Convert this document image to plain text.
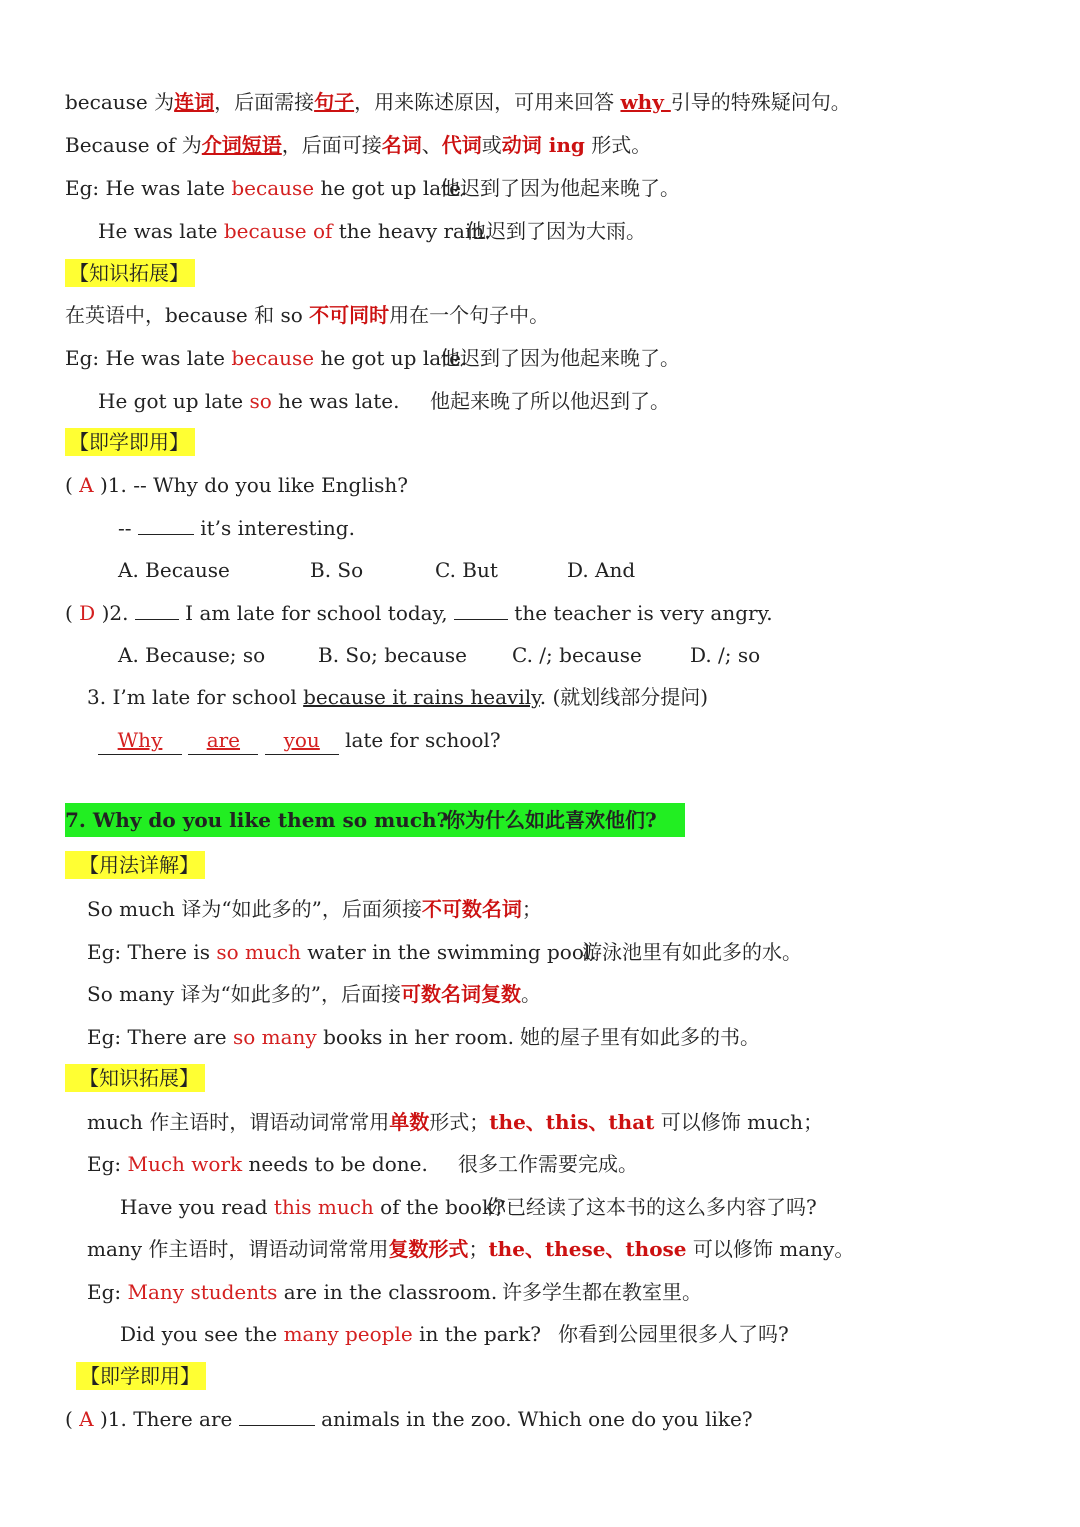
because 为连词，后面需接句子，用来陈述原因，可用来回答 why 引导的特殊疑问句。
Because of 为介词短语，后面可接名词、代词或动词 ing 形式。
Eg: He was late because he got up late.
他迟到了因为他起来晚了。
He was late because of the heavy rain.
他迟到了因为大雨。
【知识拓展】
在英语中，because 和 so 不可同时用在一个句子中。
Eg: He was late because he got up late.
他迟到了因为他起来晚了。
He got up late so he was late. 他起来晚了所以他迟到了。
【即学即用】
( A )1. -- Why do you like English?
--	it’s interesting.
A. Because	B. So	C. But	D. And
( D )2.  I am late for school today,	the teacher is very angry.
A. Because; so	B. So; because C. /; because D. /; so
3. I’m late for school because it rains heavily. (就划线部分提问)
Why are you late for school?
7. Why do you like them so much?
你为什么如此喜欢他们?
【用法详解】
So much 译为“如此多的”，后面须接不可数名词；
Eg: There is so much water in the swimming pool.
游泳池里有如此多的水。
So many 译为“如此多的”，后面接可数名词复数。
Eg: There are so many books in her room. 她的屋子里有如此多的书。
【知识拓展】
much 作主语时，谓语动词常常用单数形式；the、this、that 可以修饰 much；
Eg: Much work needs to be done. 很多工作需要完成。
Have you read this much of the book?
你已经读了这本书的这么多内容了吗?
many 作主语时，谓语动词常常用复数形式；the、these、those 可以修饰 many。
Eg: Many students are in the classroom. 许多学生都在教室里。
Did you see the many people in the park? 你看到公园里很多人了吗?
【即学即用】
( A )1. There are	animals in the zoo. Which one do you like?
